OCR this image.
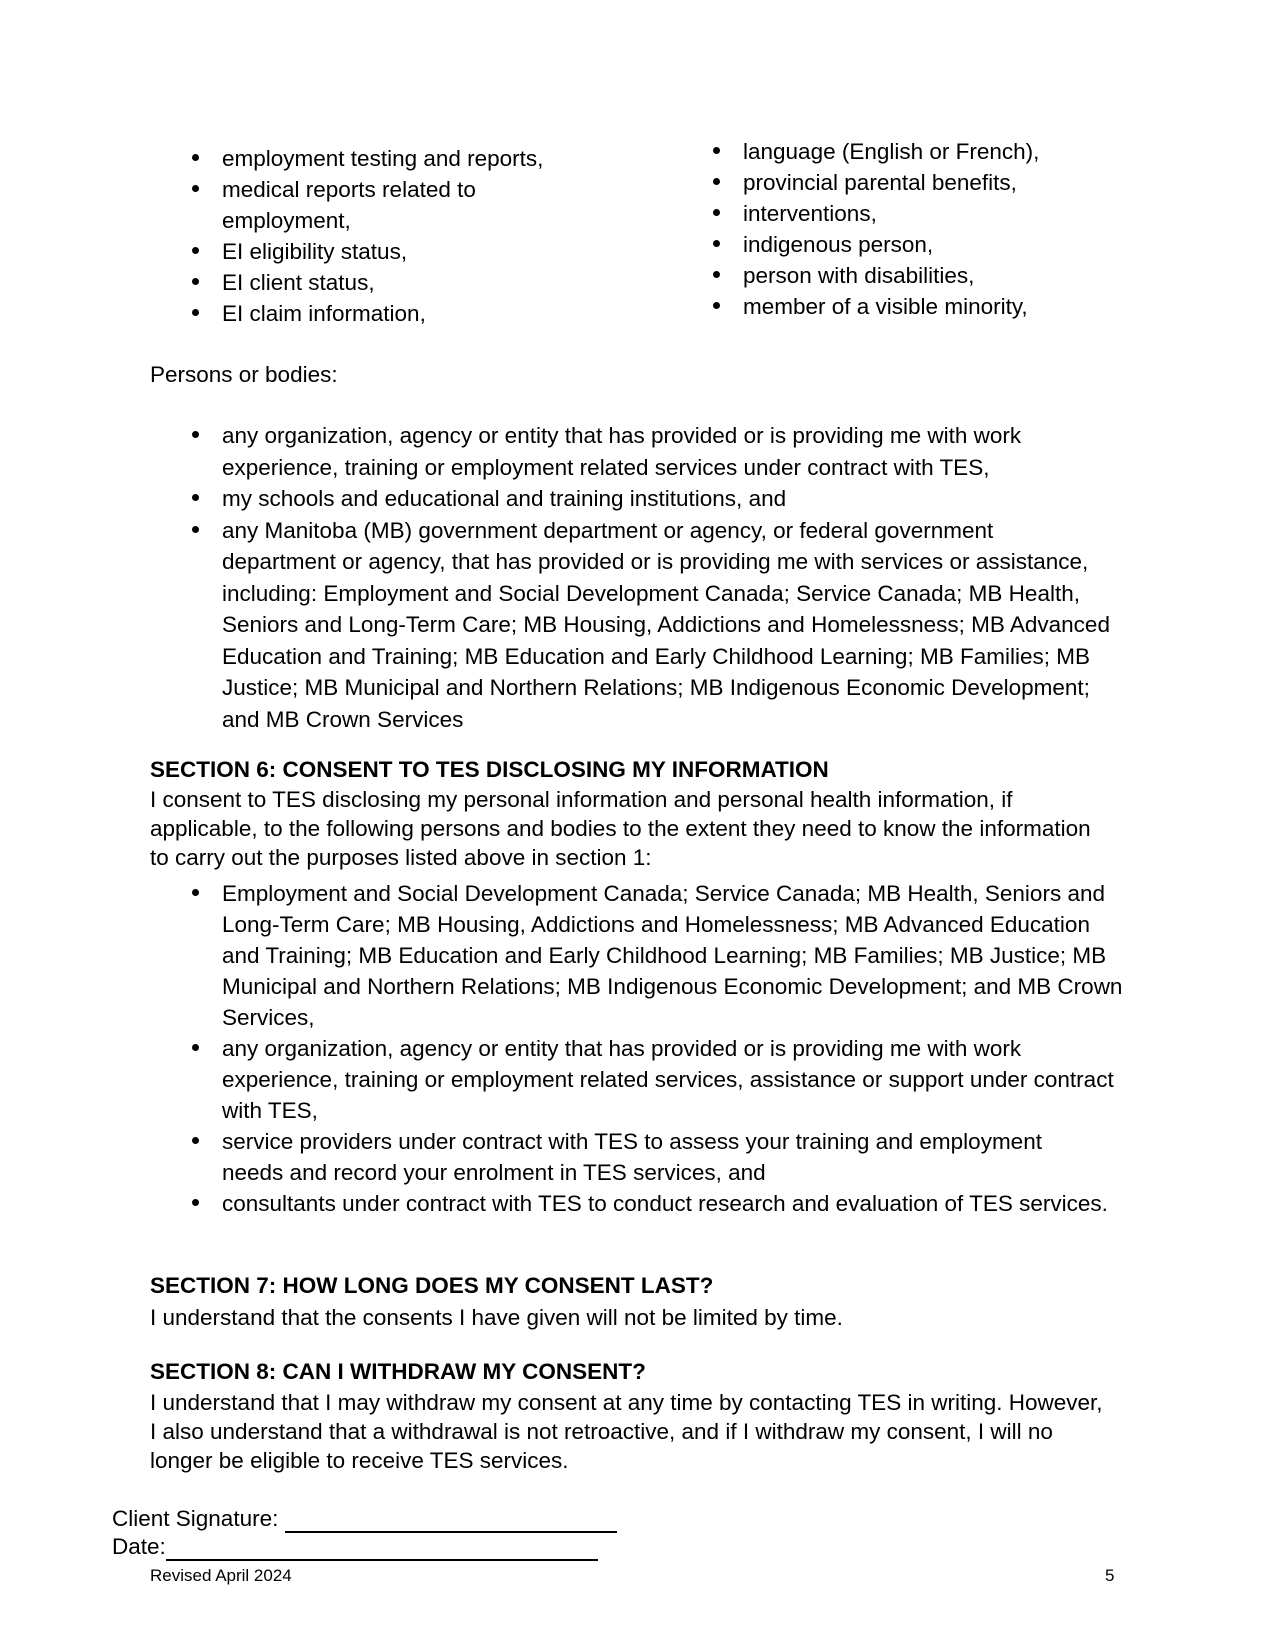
employment testing and reports,
medical reports related to employment,
EI eligibility status,
EI client status,
EI claim information,
language (English or French),
provincial parental benefits,
interventions,
indigenous person,
person with disabilities,
member of a visible minority,
Persons or bodies:
any organization, agency or entity that has provided or is providing me with work experience, training or employment related services under contract with TES,
my schools and educational and training institutions, and
any Manitoba (MB) government department or agency, or federal government department or agency, that has provided or is providing me with services or assistance, including: Employment and Social Development Canada; Service Canada; MB Health, Seniors and Long-Term Care; MB Housing, Addictions and Homelessness; MB Advanced Education and Training; MB Education and Early Childhood Learning; MB Families; MB Justice; MB Municipal and Northern Relations; MB Indigenous Economic Development; and MB Crown Services
SECTION 6: CONSENT TO TES DISCLOSING MY INFORMATION
I consent to TES disclosing my personal information and personal health information, if applicable, to the following persons and bodies to the extent they need to know the information to carry out the purposes listed above in section 1:
Employment and Social Development Canada; Service Canada; MB Health, Seniors and Long-Term Care; MB Housing, Addictions and Homelessness; MB Advanced Education and Training; MB Education and Early Childhood Learning; MB Families; MB Justice; MB Municipal and Northern Relations; MB Indigenous Economic Development; and MB Crown Services,
any organization, agency or entity that has provided or is providing me with work experience, training or employment related services, assistance or support under contract with TES,
service providers under contract with TES to assess your training and employment needs and record your enrolment in TES services, and
consultants under contract with TES to conduct research and evaluation of TES services.
SECTION 7: HOW LONG DOES MY CONSENT LAST?
I understand that the consents I have given will not be limited by time.
SECTION 8: CAN I WITHDRAW MY CONSENT?
I understand that I may withdraw my consent at any time by contacting TES in writing. However, I also understand that a withdrawal is not retroactive, and if I withdraw my consent, I will no longer be eligible to receive TES services.
Client Signature:
Date:
Revised April 2024	5
